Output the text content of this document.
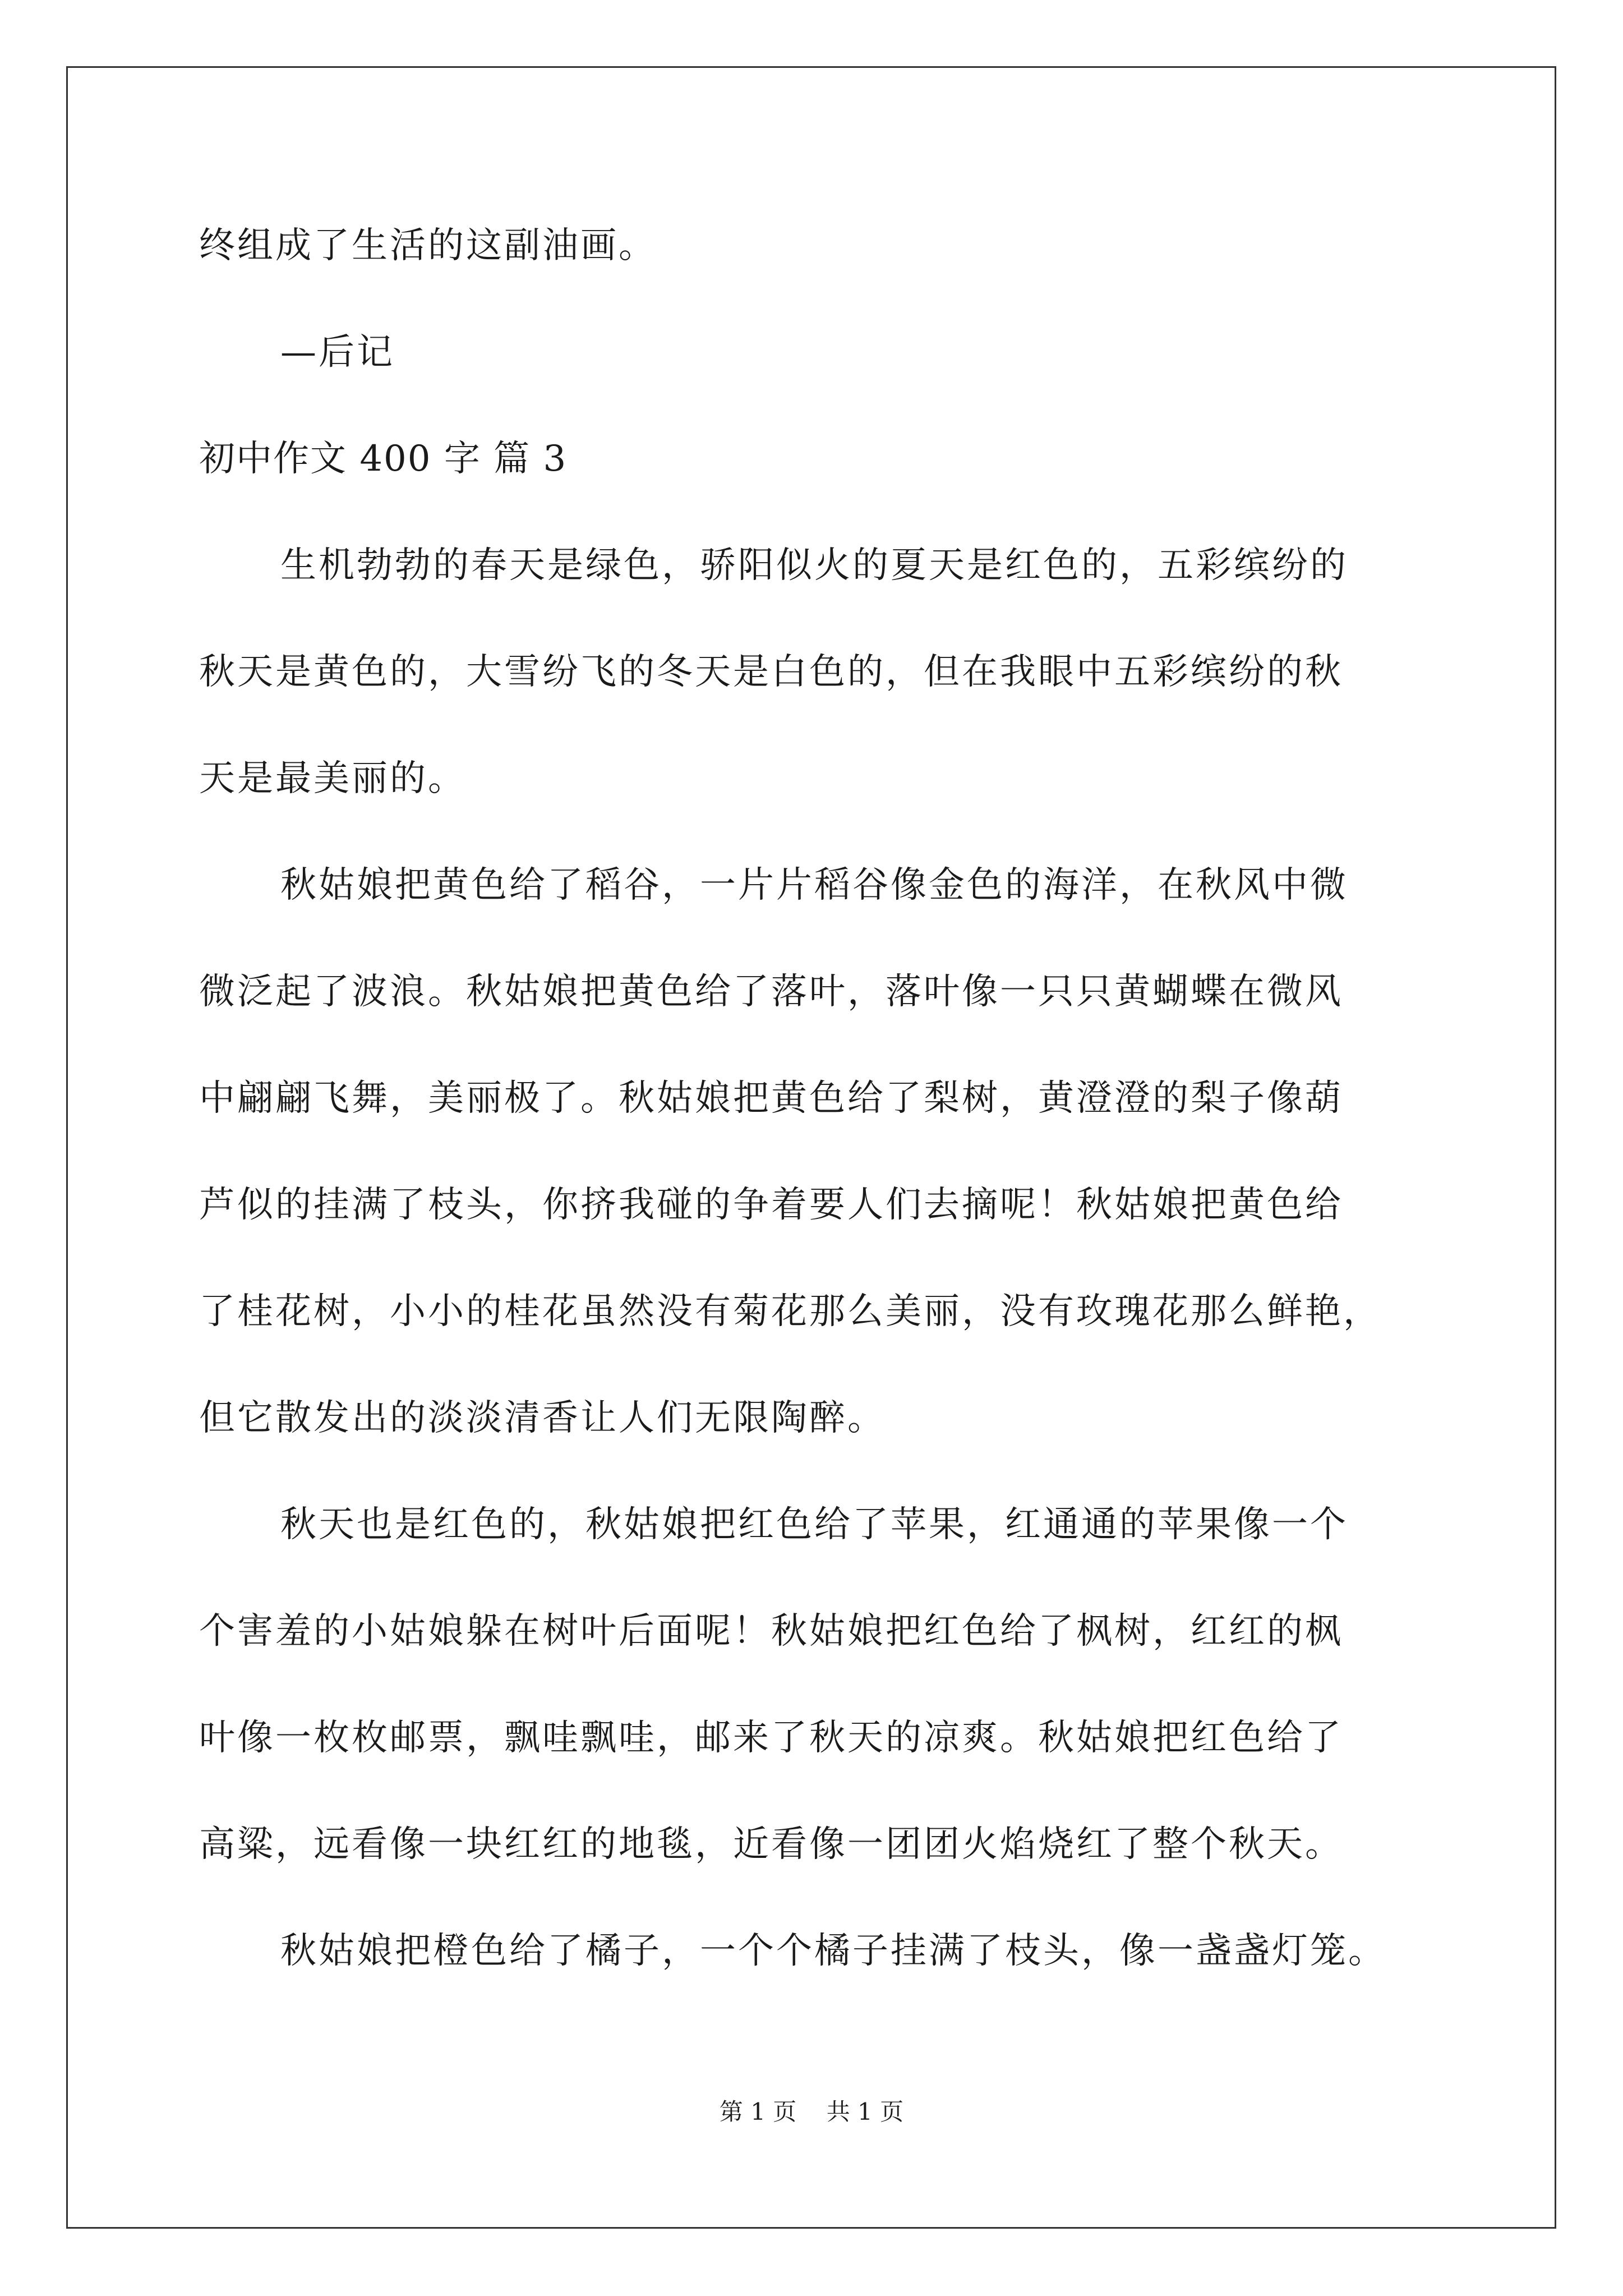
终组成了生活的这副油画。
—后记
初中作文 400 字 篇 3
生机勃勃的春天是绿色，骄阳似火的夏天是红色的，五彩缤纷的
秋天是黄色的，大雪纷飞的冬天是白色的，但在我眼中五彩缤纷的秋
天是最美丽的。
秋姑娘把黄色给了稻谷，一片片稻谷像金色的海洋，在秋风中微
微泛起了波浪。秋姑娘把黄色给了落叶，落叶像一只只黄蝴蝶在微风
中翩翩飞舞，美丽极了。秋姑娘把黄色给了梨树，黄澄澄的梨子像葫
芦似的挂满了枝头，你挤我碰的争着要人们去摘呢！秋姑娘把黄色给
了桂花树，小小的桂花虽然没有菊花那么美丽，没有玫瑰花那么鲜艳，
但它散发出的淡淡清香让人们无限陶醉。
秋天也是红色的，秋姑娘把红色给了苹果，红通通的苹果像一个
个害羞的小姑娘躲在树叶后面呢！秋姑娘把红色给了枫树，红红的枫
叶像一枚枚邮票，飘哇飘哇，邮来了秋天的凉爽。秋姑娘把红色给了
高粱，远看像一块红红的地毯，近看像一团团火焰烧红了整个秋天。
秋姑娘把橙色给了橘子，一个个橘子挂满了枝头，像一盏盏灯笼。
第 1 页    共 1 页
